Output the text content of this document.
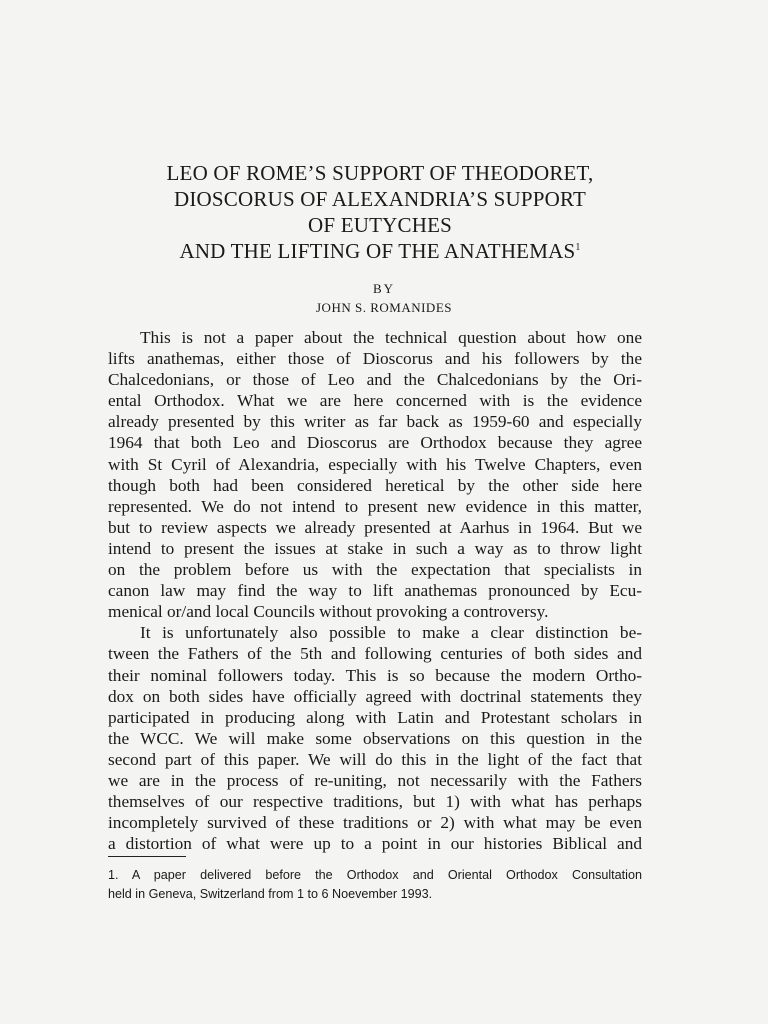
LEO OF ROME’S SUPPORT OF THEODORET,
DIOSCORUS OF ALEXANDRIA’S SUPPORT
OF EUTYCHES
AND THE LIFTING OF THE ANATHEMAS$^1$
BY
JOHN S. ROMANIDES

This is not a paper about the technical question about how one
lifts anathemas, either those of Dioscorus and his followers by the
Chalcedonians, or those of Leo and the Chalcedonians by the Ori-
ental Orthodox. What we are here concerned with is the evidence
already presented by this writer as far back as 1959-60 and especially
1964 that both Leo and Dioscorus are Orthodox because they agree
with St Cyril of Alexandria, especially with his Twelve Chapters, even
though both had been considered heretical by the other side here
represented. We do not intend to present new evidence in this matter,
but to review aspects we already presented at Aarhus in 1964. But we
intend to present the issues at stake in such a way as to throw light
on the problem before us with the expectation that specialists in
canon law may find the way to lift anathemas pronounced by Ecu-
menical or/and local Councils without provoking a controversy.

It is unfortunately also possible to make a clear distinction be-
tween the Fathers of the 5th and following centuries of both sides and
their nominal followers today. This is so because the modern Ortho-
dox on both sides have officially agreed with doctrinal statements they
participated in producing along with Latin and Protestant scholars in
the WCC. We will make some observations on this question in the
second part of this paper. We will do this in the light of the fact that
we are in the process of re-uniting, not necessarily with the Fathers
themselves of our respective traditions, but 1) with what has perhaps
incompletely survived of these traditions or 2) with what may be even
a distortion of what were up to a point in our histories Biblical and

1. A paper delivered before the Orthodox and Oriental Orthodox Consultation
held in Geneva, Switzerland from 1 to 6 Noevember 1993.
